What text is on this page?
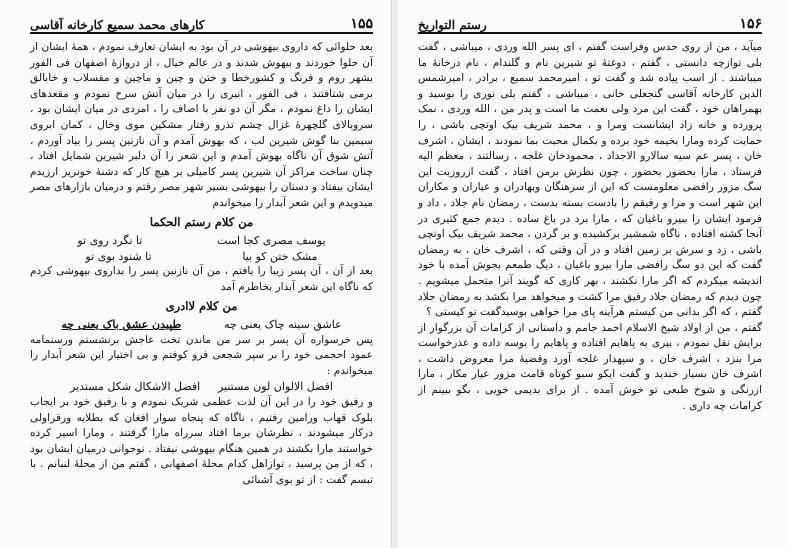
۱۵۵
کارهای محمد سمیع کارخانه آقاسی

بعد حلوائی که داروی بیهوشی در آن بود به ایشان تعارف نمودم ، همهٔ ایشان از آن حلوا خوردند و بیهوش شدند و در عالم خیال ، از دروازهٔ اصفهان فی الفور بشهر روم و فرنگ و کشورخطا و ختن و چین و ماچین و مقسلاب و خابالق برمی شتافتند ، فی الفور ، انبری را در میان آتش سرخ نمودم و مقعدهای ایشان را داغ نمودم ، مگر آن دو نفر با اصاف را ، امردی در میان ایشان بود ، سروبالای گلچهرهٔ غزال چشم تذرو رفتار مشکین موی وخال ، کمان ابروی سیمین بنا گوش شیرین لب ، که بهوش آمدم و آن نازنین پسر را بیاد آوردم ، آتش شوق آن ناگاه بهوش آمدم و این شعر را آن دلبر شیرین شمایل افتاد ، چنان ساخت مراکز آن شیرین پسر کامیلی بر هیچ کار که دشنهٔ خونریز ارزیدم ایشان بیفتاد و دستان را بیهوشی بسیر شهر مصر رفتم و درمیان بازارهای مصر میدویدم و این شعر آبدار را میخواندم

من کلام رستم الحکما
یوسف مصری کجا است
تا نگرد روی تو
مشک ختن کو بیا
تا شنود بوی تو

بعد از آن ، آن پسر زیبا را یافتم ، من آن نازنین پسر را بداروی بیهوشی کردم که ناگاه این شعر آبدار بخاطرم آمد

من کلام لاادری
عاشق سینه چاک یعنی چه
طپیدن عشق باک یعنی چه

پس خرسواره آن پسر بر سر من ماندن تخت عاجش برنشستم ورسنمامه عمود احجمی خود را بر سپر شجعی فرو کوفتم و بی اختیار این شعر آبدار را میخواندم :

افضل الالوان لون مستنیر
افضل الاشکال شکل مستدیر

و رفیق خود را در این آن لذت عظمی شریک نمودم و با رفیق خود بر ایجاب بلوک قهاب ورامین رفتیم ، ناگاه که پنجاه سوار افغان که بطلایه ورقراولی درکار میشودند ، نظرشان برما افتاد سرراه مارا گرفتند ، ومارا اسیر کرده خواستند مارا بکشند در همین هنگام بیهوشی نیفتاد . نوجوانی درمیان ایشان بود ، که از من پرسید ، توازاهل کدام محلهٔ اصفهانی ، گفتم من از محلهٔ لنبانم . با تبسم گفت : از تو بوی آشنائی

۱۵۶
رستم التواریخ

میآید ، من از روی حدس وفراست گفتم ، ای پسر الله وردی ، میباشی ، گفت بلی توازچه دانستی ، گفتم ، دوغتهٔ تو شیرین نام و گلندام ، نام درخانهٔ ما میباشند . از اسب پیاده شد و گفت تو ، امیرمحمد سمیع ، برادر ، امیرشمس الدین کارخانه آقاسی گنجعلی خانی ، میباشی ، گفتم بلی نوری را بوسید و بهمراهان خود ، گفت این مرد ولی نعمت ما است و پدر من ، الله وردی ، نمک پرورده و خانه زاد ایشانست ومرا و ، محمد شریف بیک اوتچی باشی ، را حمایت کرده ومارا بخیمه خود برده و بکمال محبت بما نمودند ، ایشان ، اشرف خان ، پسر عم سیه سالارو الاجداد ، محمودخان غلجه ، رسالتند ، معظم الیه فرستاد ، مارا بحضور بحضور ، چون نظرش برمن افتاد ، گفت ازروزیت این سگ مزور رافضی معلومست که این از سرهنگان وبهادران و عیاران و مکاران این شهر است و مرا و رفیقم را بادست بسته بدست ، رمضان نام جلاد ، داد و فرمود ایشان را ببیرو باغیان که ، مارا برد در باغ ساده . دیدم جمع کثیری در آنجا کشته افتاده ، ناگاه شمشیر برکشیده و بر گردن ، محمد شریف بیک اوتچی باشی ، زد و سرش بر زمین افتاد و در آن وقتی که ، اشرف خان ، به رمضان گفت که این دو سگ رافضی مارا بیرو باغیان ، دیگ طمعم بجوش آمده با خود اندیشه میکردم که اگر مارا نکشند ، بهر کاری که گویند آنرا متحمل میشویم . چون دیدم که رمضان جلاد رفیق مرا کشت و میخواهد مرا بکشد به رمضان جلاد گفتم ، که اگر بدانی من کیستم هرآینه پای مرا خواهی بوسیدگفت تو کیستی ؟

گفتم ، من از اولاد شیخ الاسلام احمد جامم و داستانی از کرامات آن بزرگوار از برایش نقل نمودم ، بیری به پاهایم افتاده و پاهایم را بوسه داده و عذرخواست مرا بنزد ، اشرف خان ، و سپهدار غلجه آورد وقضیهٔ مرا معروض داشت ، اشرف خان بسیار خندید و گفت ایکو سبو کوتاه قامت مزور عیار مکار ، مارا ازرنگی و شوخ طبعی تو خوش آمده . از برای بدیمی خویی ، بگو ببینم از کرامات چه داری .
